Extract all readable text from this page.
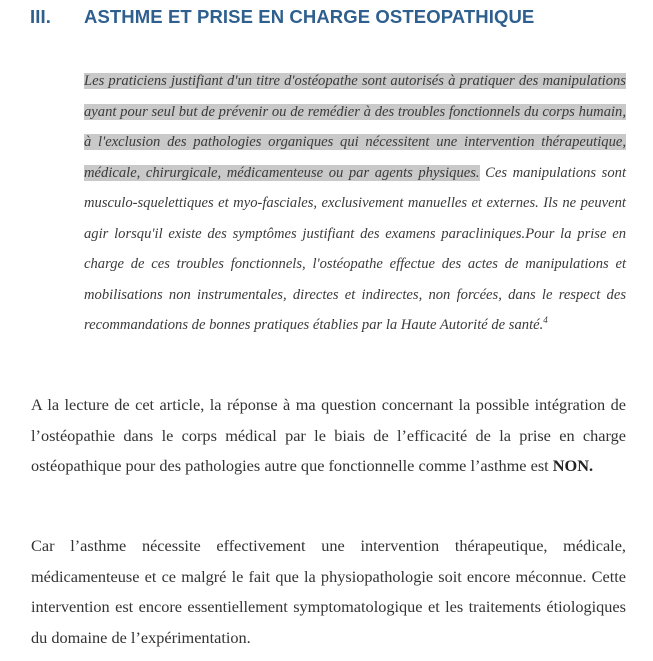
III. ASTHME ET PRISE EN CHARGE OSTEOPATHIQUE

Les praticiens justifiant d'un titre d'ostéopathe sont autorisés à pratiquer des manipulations ayant pour seul but de prévenir ou de remédier à des troubles fonctionnels du corps humain, à l'exclusion des pathologies organiques qui nécessitent une intervention thérapeutique, médicale, chirurgicale, médicamenteuse ou par agents physiques. Ces manipulations sont musculo-squelettiques et myo-fasciales, exclusivement manuelles et externes. Ils ne peuvent agir lorsqu'il existe des symptômes justifiant des examens paracliniques.Pour la prise en charge de ces troubles fonctionnels, l'ostéopathe effectue des actes de manipulations et mobilisations non instrumentales, directes et indirectes, non forcées, dans le respect des recommandations de bonnes pratiques établies par la Haute Autorité de santé.$^4$

A la lecture de cet article, la réponse à ma question concernant la possible intégration de l’ostéopathie dans le corps médical par le biais de l’efficacité de la prise en charge ostéopathique pour des pathologies autre que fonctionnelle comme l’asthme est NON.

Car l’asthme nécessite effectivement une intervention thérapeutique, médicale, médicamenteuse et ce malgré le fait que la physiopathologie soit encore méconnue. Cette intervention est encore essentiellement symptomatologique et les traitements étiologiques du domaine de l’expérimentation.
